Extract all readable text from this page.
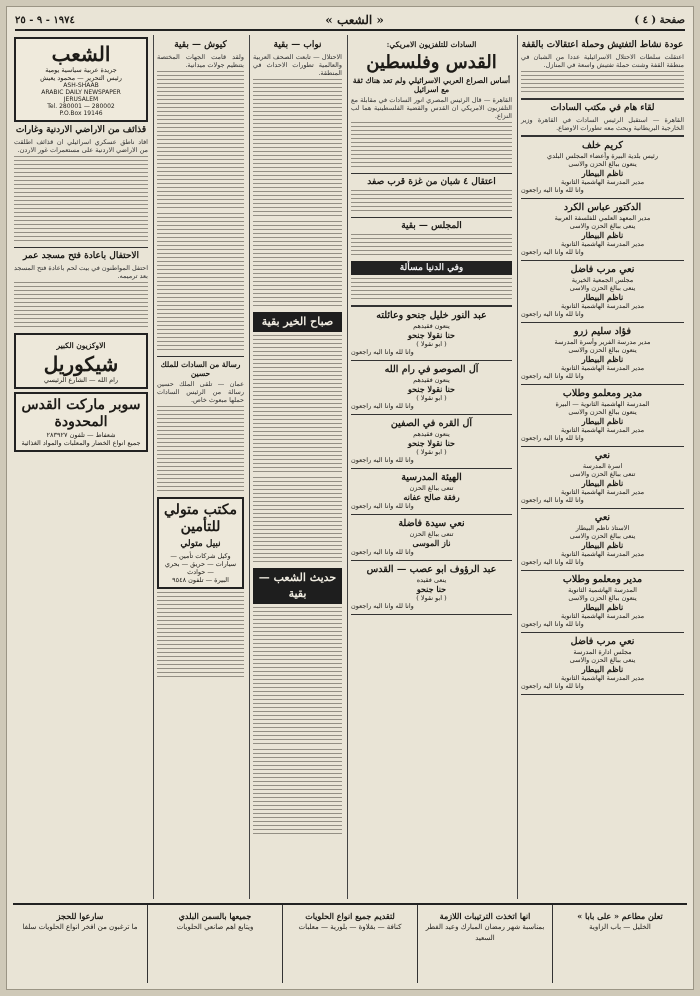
صفحة ( ٤ )
« الشعب »
١٩٧٤ - ٩ - ٢٥
عودة نشاط التفتيش وحملة اعتقالات بالقفة
اعتقلت سلطات الاحتلال الاسرائيلية عددا من الشبان في منطقة القفة وشنت حملة تفتيش واسعة في المنازل.
لقاء هام في مكتب السادات
القاهرة — استقبل الرئيس السادات في القاهرة وزير الخارجية البريطانية وبحث معه تطورات الاوضاع.
كريم خلف
رئيس بلدية البيرة وأعضاء المجلس البلدي
ينعون ببالغ الحزن والاسى
ناظم البيطار
مدير المدرسة الهاشمية الثانوية
وانا لله وانا اليه راجعون
الدكتور عباس الكرد
مدير المعهد العلمي للفلسفة العربية
ينعى ببالغ الحزن والاسى
ناظم البيطار
مدير المدرسة الهاشمية الثانوية
وانا لله وانا اليه راجعون
نعي مرب فاضل
مجلس الجمعية الخيرية
ينعى ببالغ الحزن والاسى
ناظم البيطار
مدير المدرسة الهاشمية الثانوية
وانا لله وانا اليه راجعون
فؤاد سليم زرو
مدير مدرسة الفرير وأسرة المدرسة
ينعون ببالغ الحزن والاسى
ناظم البيطار
مدير المدرسة الهاشمية الثانوية
وانا لله وانا اليه راجعون
مدير ومعلمو وطلاب
المدرسة الهاشمية الثانوية — البيرة
ينعون ببالغ الحزن والاسى
ناظم البيطار
مدير المدرسة الهاشمية الثانوية
وانا لله وانا اليه راجعون
نعي
اسرة المدرسة
تنعى ببالغ الحزن والاسى
ناظم البيطار
مدير المدرسة الهاشمية الثانوية
وانا لله وانا اليه راجعون
نعي
الاستاذ ناظم البيطار
ينعى ببالغ الحزن والاسى
ناظم البيطار
مدير المدرسة الهاشمية الثانوية
وانا لله وانا اليه راجعون
مدير ومعلمو وطلاب
المدرسة الهاشمية الثانوية
ينعون ببالغ الحزن والاسى
ناظم البيطار
مدير المدرسة الهاشمية الثانوية
وانا لله وانا اليه راجعون
نعي مرب فاضل
مجلس ادارة المدرسة
ينعى ببالغ الحزن والاسى
ناظم البيطار
مدير المدرسة الهاشمية الثانوية
وانا لله وانا اليه راجعون
السادات للتلفزيون الامريكي:
القدس وفلسطين
أساس الصراع العربي الاسرائيلي ولم تعد هناك ثقة مع اسرائيل
القاهرة — قال الرئيس المصري انور السادات في مقابلة مع التلفزيون الامريكي ان القدس والقضية الفلسطينية هما لب النزاع.
اعتقال ٤ شبان من غزة قرب صفد
المجلس — بقية
وفي الدنيا مسألة
عبد النور خليل جنحو وعائلته
ينعون فقيدهم
حنا نقولا جنحو
( ابو نقولا )
وانا لله وانا اليه راجعون
آل الصوصو في رام الله
ينعون فقيدهم
حنا نقولا جنحو
( ابو نقولا )
وانا لله وانا اليه راجعون
آل القره في الصفين
ينعون فقيدهم
حنا نقولا جنحو
( ابو نقولا )
وانا لله وانا اليه راجعون
الهيئة المدرسية
تنعى ببالغ الحزن
رفقة صالح عفانه
وانا لله وانا اليه راجعون
نعي سيدة فاضلة
تنعى ببالغ الحزن
ناز الموسى
وانا لله وانا اليه راجعون
عبد الرؤوف ابو عصب — القدس
ينعى فقيده
حنا جنحو
( ابو نقولا )
وانا لله وانا اليه راجعون
نواب — بقية
الاحتلال — تابعت الصحف العربية والعالمية تطورات الاحداث في المنطقة.
صباح الخير بقية
حديث الشعب — بقية
كيوش — بقية
ولقد قامت الجهات المختصة بتنظيم جولات ميدانية.
رسالة من السادات للملك حسين
عمان — تلقى الملك حسين رسالة من الرئيس السادات حملها مبعوث خاص.
مكتب متولي للتأمين
نبيل متولي
وكيل شركات تأمين — سيارات — حريق — بحري — حوادث
البيرة — تلفون ٩٥٤٨
الشعب
جريدة عربية سياسية يومية
رئيس التحرير — محمود يعيش
ASH-SHAAB
ARABIC DAILY NEWSPAPER
JERUSALEM
Tel. 280001 — 280002
P.O.Box 19146
قذائف من الاراضي الاردنية وغارات
افاد ناطق عسكري اسرائيلي ان قذائف اطلقت من الاراضي الاردنية على مستعمرات غور الاردن.
الاحتفال باعادة فتح مسجد عمر
احتفل المواطنون في بيت لحم باعادة فتح المسجد بعد ترميمه.
الاوكزيون الكبير
شيكوريل
رام الله — الشارع الرئيسي
سوبر ماركت القدس المحدودة
شعفاط — تلفون ٢٨٣٩٢٧
جميع انواع الخضار والمعلبات والمواد الغذائية
تعلن مطاعم « على بابا »
الخليل — باب الزاوية
انها اتخذت الترتيبات اللازمة
بمناسبة شهر رمضان المبارك وعيد الفطر السعيد
لتقديم جميع انواع الحلويات
كنافة — بقلاوة — بلورية — معلبات
جميعها بالسمن البلدي
ويتابع اهم صانعي الحلويات
سارعوا للحجز
ما ترغبون من افخر انواع الحلويات سلفا
